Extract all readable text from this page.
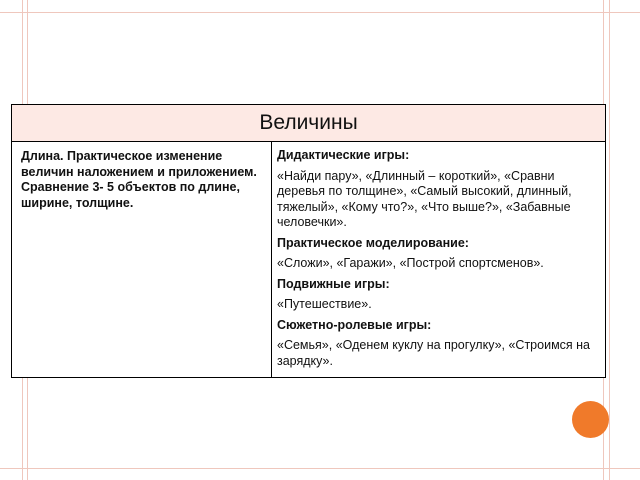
Величины
Длина. Практическое изменение величин наложением и приложением. Сравнение 3- 5 объектов по длине, ширине, толщине.

Дидактические игры:

«Найди пару», «Длинный – короткий», «Сравни деревья по толщине», «Самый высокий, длинный, тяжелый», «Кому что?», «Что выше?», «Забавные человечки».

Практическое моделирование:

«Сложи», «Гаражи», «Построй спортсменов».

Подвижные игры:

«Путешествие».

Сюжетно-ролевые игры:

«Семья», «Оденем куклу на прогулку», «Строимся на зарядку».
